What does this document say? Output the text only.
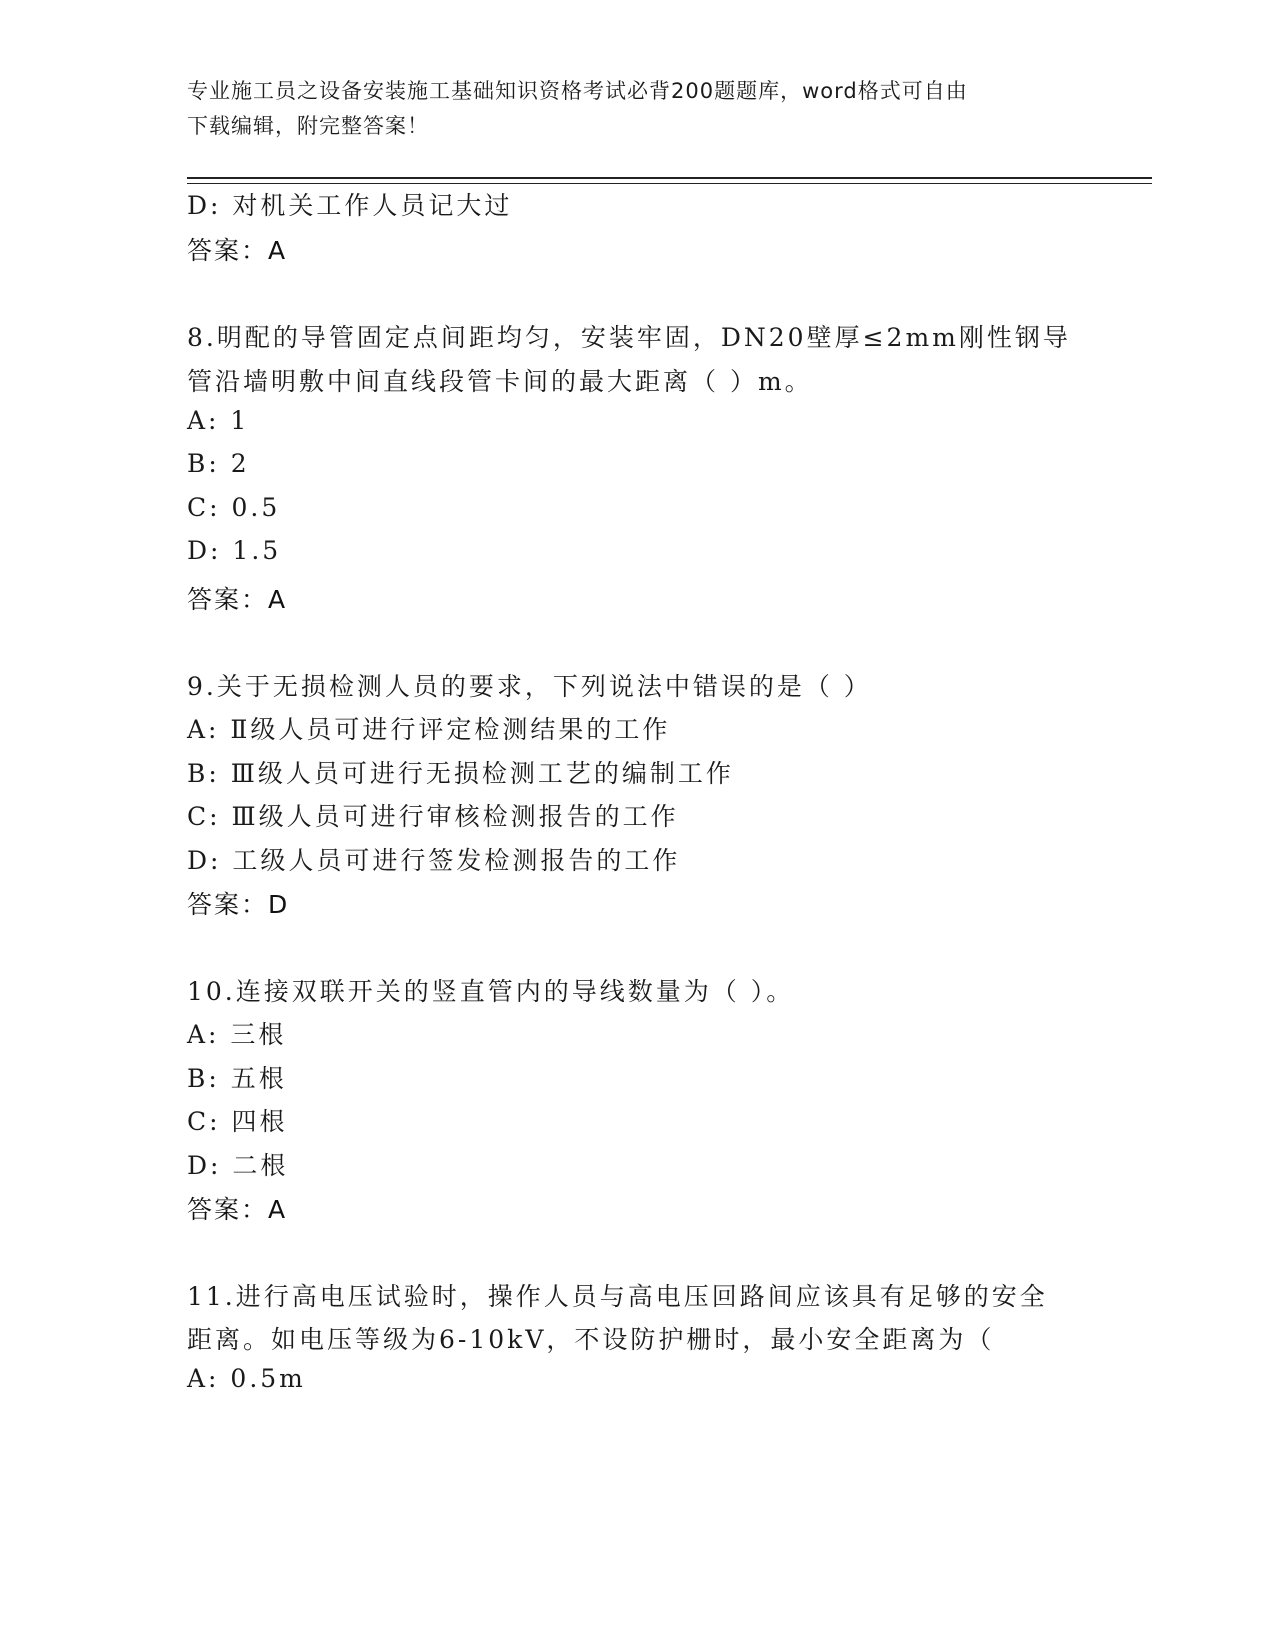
专业施工员之设备安装施工基础知识资格考试必背200题题库，word格式可自由
下载编辑，附完整答案！
D: 对机关工作人员记大过
答案：A
8.明配的导管固定点间距均匀，安装牢固，DN20壁厚≤2mm刚性钢导
管沿墙明敷中间直线段管卡间的最大距离（ ）m。
A: 1
B: 2
C: 0.5
D: 1.5
答案：A
9.关于无损检测人员的要求，下列说法中错误的是（ ）
A: Ⅱ级人员可进行评定检测结果的工作
B: Ⅲ级人员可进行无损检测工艺的编制工作
C: Ⅲ级人员可进行审核检测报告的工作
D: 工级人员可进行签发检测报告的工作
答案：D
10.连接双联开关的竖直管内的导线数量为（ ）。
A: 三根
B: 五根
C: 四根
D: 二根
答案：A
11.进行高电压试验时，操作人员与高电压回路间应该具有足够的安全
距离。如电压等级为6-10kV，不设防护栅时，最小安全距离为（
A: 0.5m
